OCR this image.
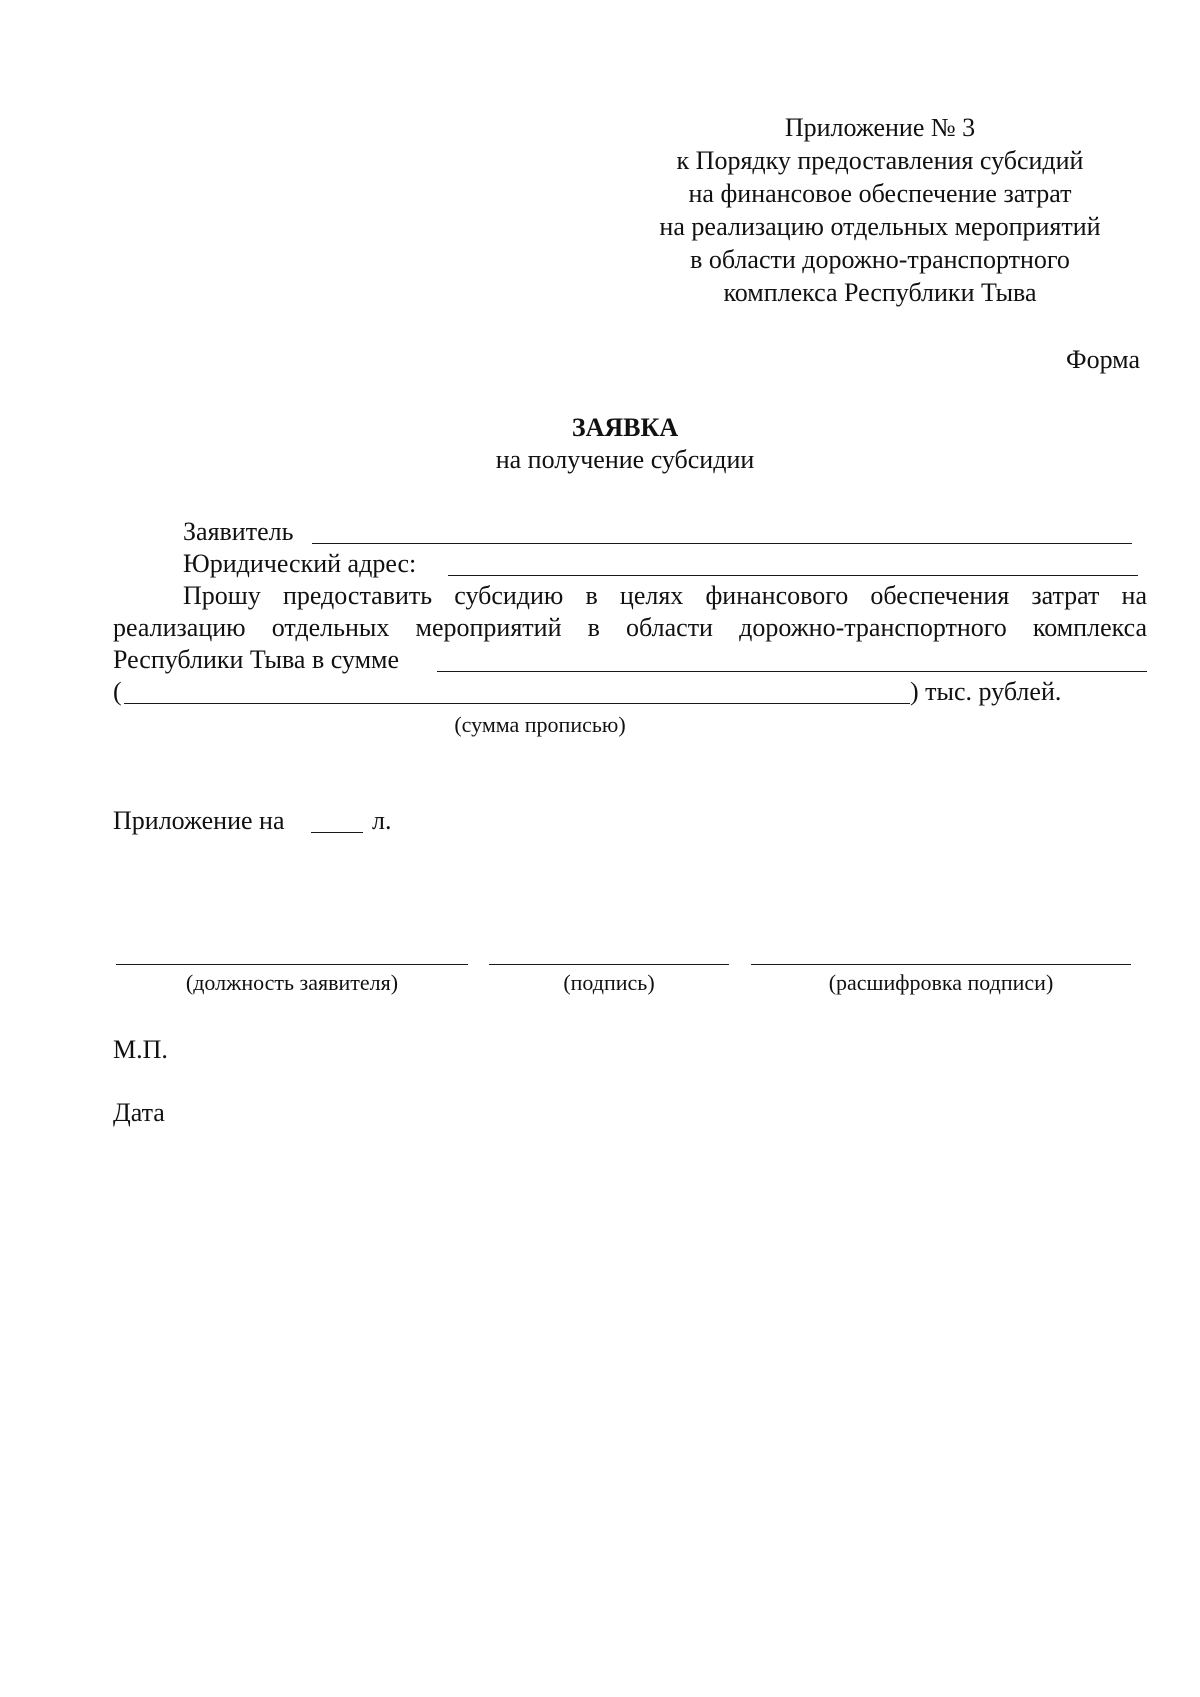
Приложение № 3
к Порядку предоставления субсидий
на финансовое обеспечение затрат
на реализацию отдельных мероприятий
в области дорожно-транспортного
комплекса Республики Тыва
Форма
ЗАЯВКА
на получение субсидии
Заявитель
Юридический адрес:
Прошу предоставить субсидию в целях финансового обеспечения затрат на
реализацию отдельных мероприятий в области дорожно-транспортного комплекса
Республики Тыва в сумме
(	) тыс. рублей.
(сумма прописью)
Приложение на	л.
(должность заявителя)	(подпись)	(расшифровка подписи)
М.П.
Дата
